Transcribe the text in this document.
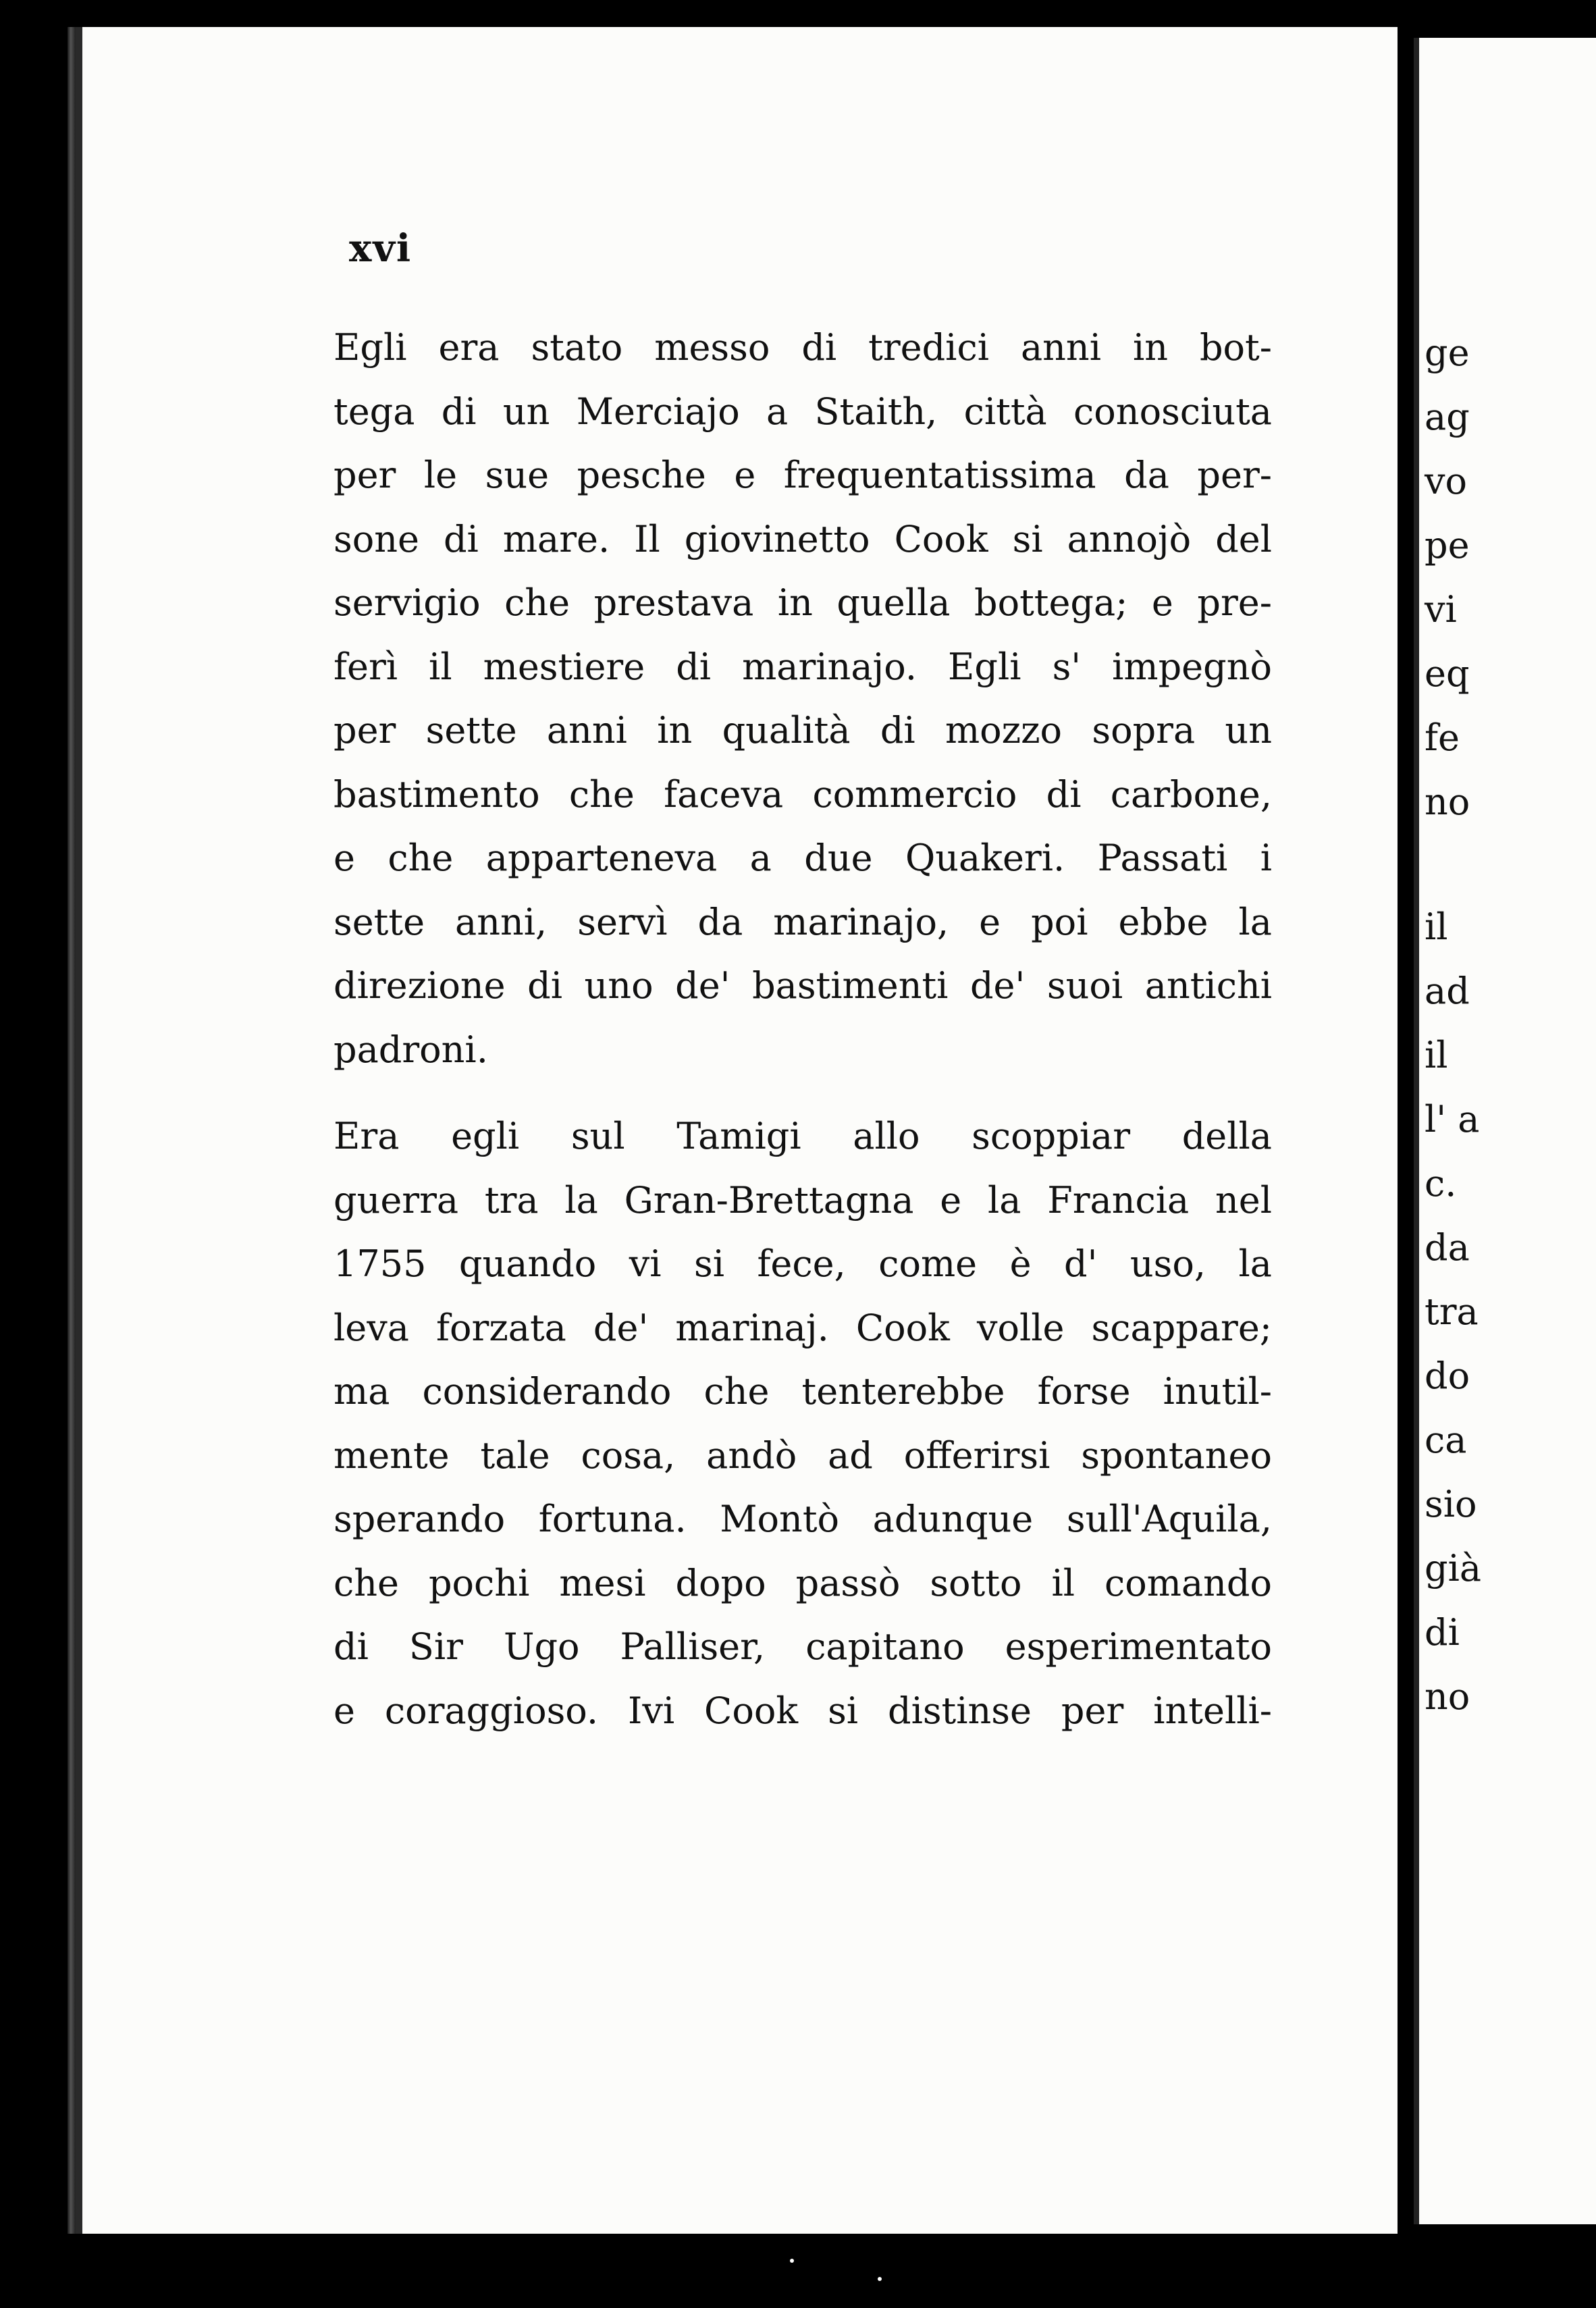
xvi
Egli era stato messo di tredici anni in bot-
tega di un Merciajo a Staith, città conosciuta
per le sue pesche e frequentatissima da per-
sone di mare. Il giovinetto Cook si annojò del
servigio che prestava in quella bottega; e pre-
ferì il mestiere di marinajo. Egli s' impegnò
per sette anni in qualità di mozzo sopra un
bastimento che faceva commercio di carbone,
e che apparteneva a due Quakeri. Passati i
sette anni, servì da marinajo, e poi ebbe la
direzione di uno de' bastimenti de' suoi antichi
padroni.
Era egli sul Tamigi allo scoppiar della
guerra tra la Gran-Brettagna e la Francia nel
1755 quando vi si fece, come è d' uso, la
leva forzata de' marinaj. Cook volle scappare;
ma considerando che tenterebbe forse inutil-
mente tale cosa, andò ad offerirsi spontaneo
sperando fortuna. Montò adunque sull'Aquila,
che pochi mesi dopo passò sotto il comando
di Sir Ugo Palliser, capitano esperimentato
e coraggioso. Ivi Cook si distinse per intelli-
ge
ag
vo
pe
vi
eq
fe
no
il
ad
il
l' a
c.
da
tra
do
ca
sio
già
di
no
